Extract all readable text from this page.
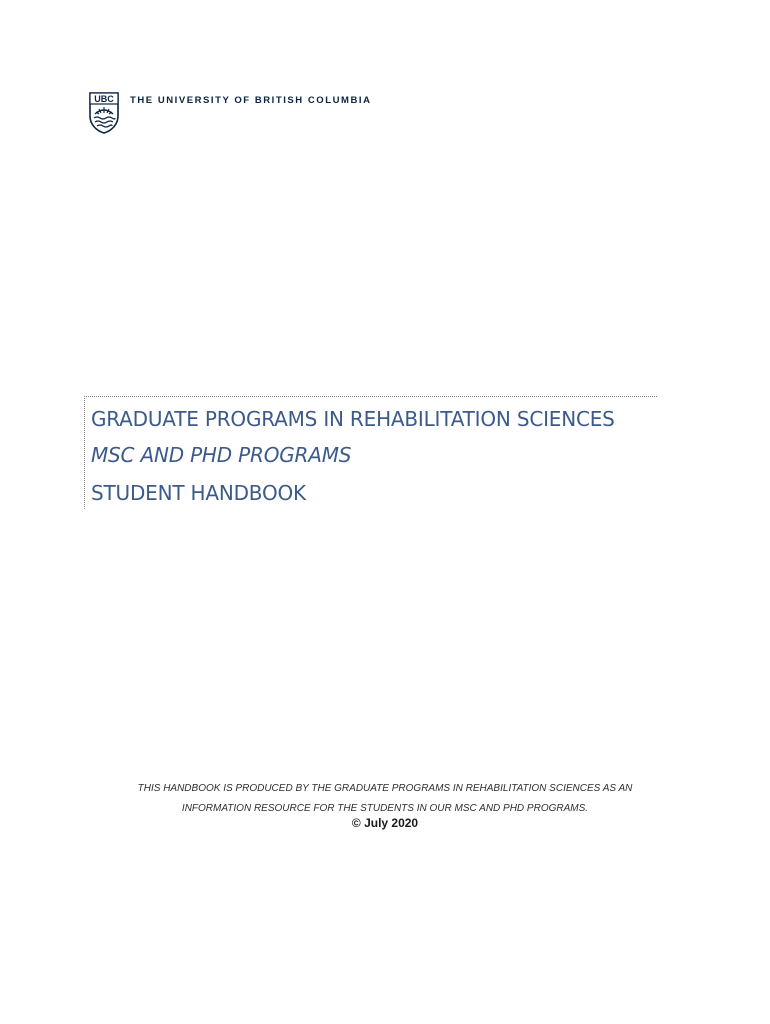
UBC THE UNIVERSITY OF BRITISH COLUMBIA
GRADUATE PROGRAMS IN REHABILITATION SCIENCES
MSC AND PHD PROGRAMS
STUDENT HANDBOOK
THIS HANDBOOK IS PRODUCED BY THE GRADUATE PROGRAMS IN REHABILITATION SCIENCES AS AN
INFORMATION RESOURCE FOR THE STUDENTS IN OUR MSC AND PHD PROGRAMS.
© July 2020
